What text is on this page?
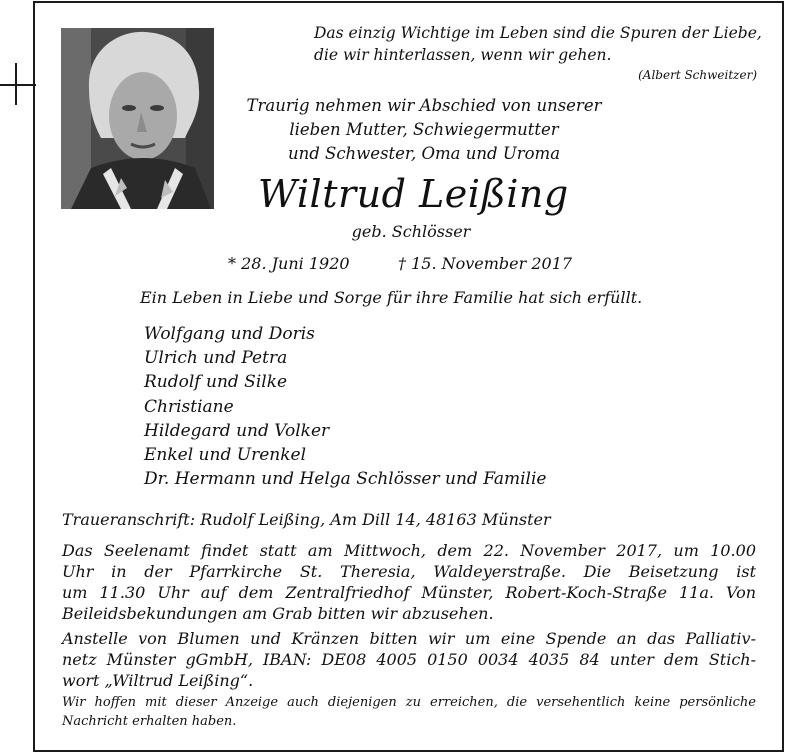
Das einzig Wichtige im Leben sind die Spuren der Liebe,
die wir hinterlassen, wenn wir gehen.
(Albert Schweitzer)
Traurig nehmen wir Abschied von unserer
lieben Mutter, Schwiegermutter
und Schwester, Oma und Uroma
Wiltrud Leißing
geb. Schlösser
* 28. Juni 1920	† 15. November 2017
Ein Leben in Liebe und Sorge für ihre Familie hat sich erfüllt.
Wolfgang und Doris
Ulrich und Petra
Rudolf und Silke
Christiane
Hildegard und Volker
Enkel und Urenkel
Dr. Hermann und Helga Schlösser und Familie
Traueranschrift: Rudolf Leißing, Am Dill 14, 48163 Münster
Das Seelenamt findet statt am Mittwoch, dem 22. November 2017, um 10.00
Uhr in der Pfarrkirche St. Theresia, Waldeyerstraße. Die Beisetzung ist
um 11.30 Uhr auf dem Zentralfriedhof Münster, Robert-Koch-Straße 11a. Von
Beileidsbekundungen am Grab bitten wir abzusehen.
Anstelle von Blumen und Kränzen bitten wir um eine Spende an das Palliativ-
netz Münster gGmbH, IBAN: DE08 4005 0150 0034 4035 84 unter dem Stich-
wort „Wiltrud Leißing“.
Wir hoffen mit dieser Anzeige auch diejenigen zu erreichen, die versehentlich keine persönliche
Nachricht erhalten haben.
